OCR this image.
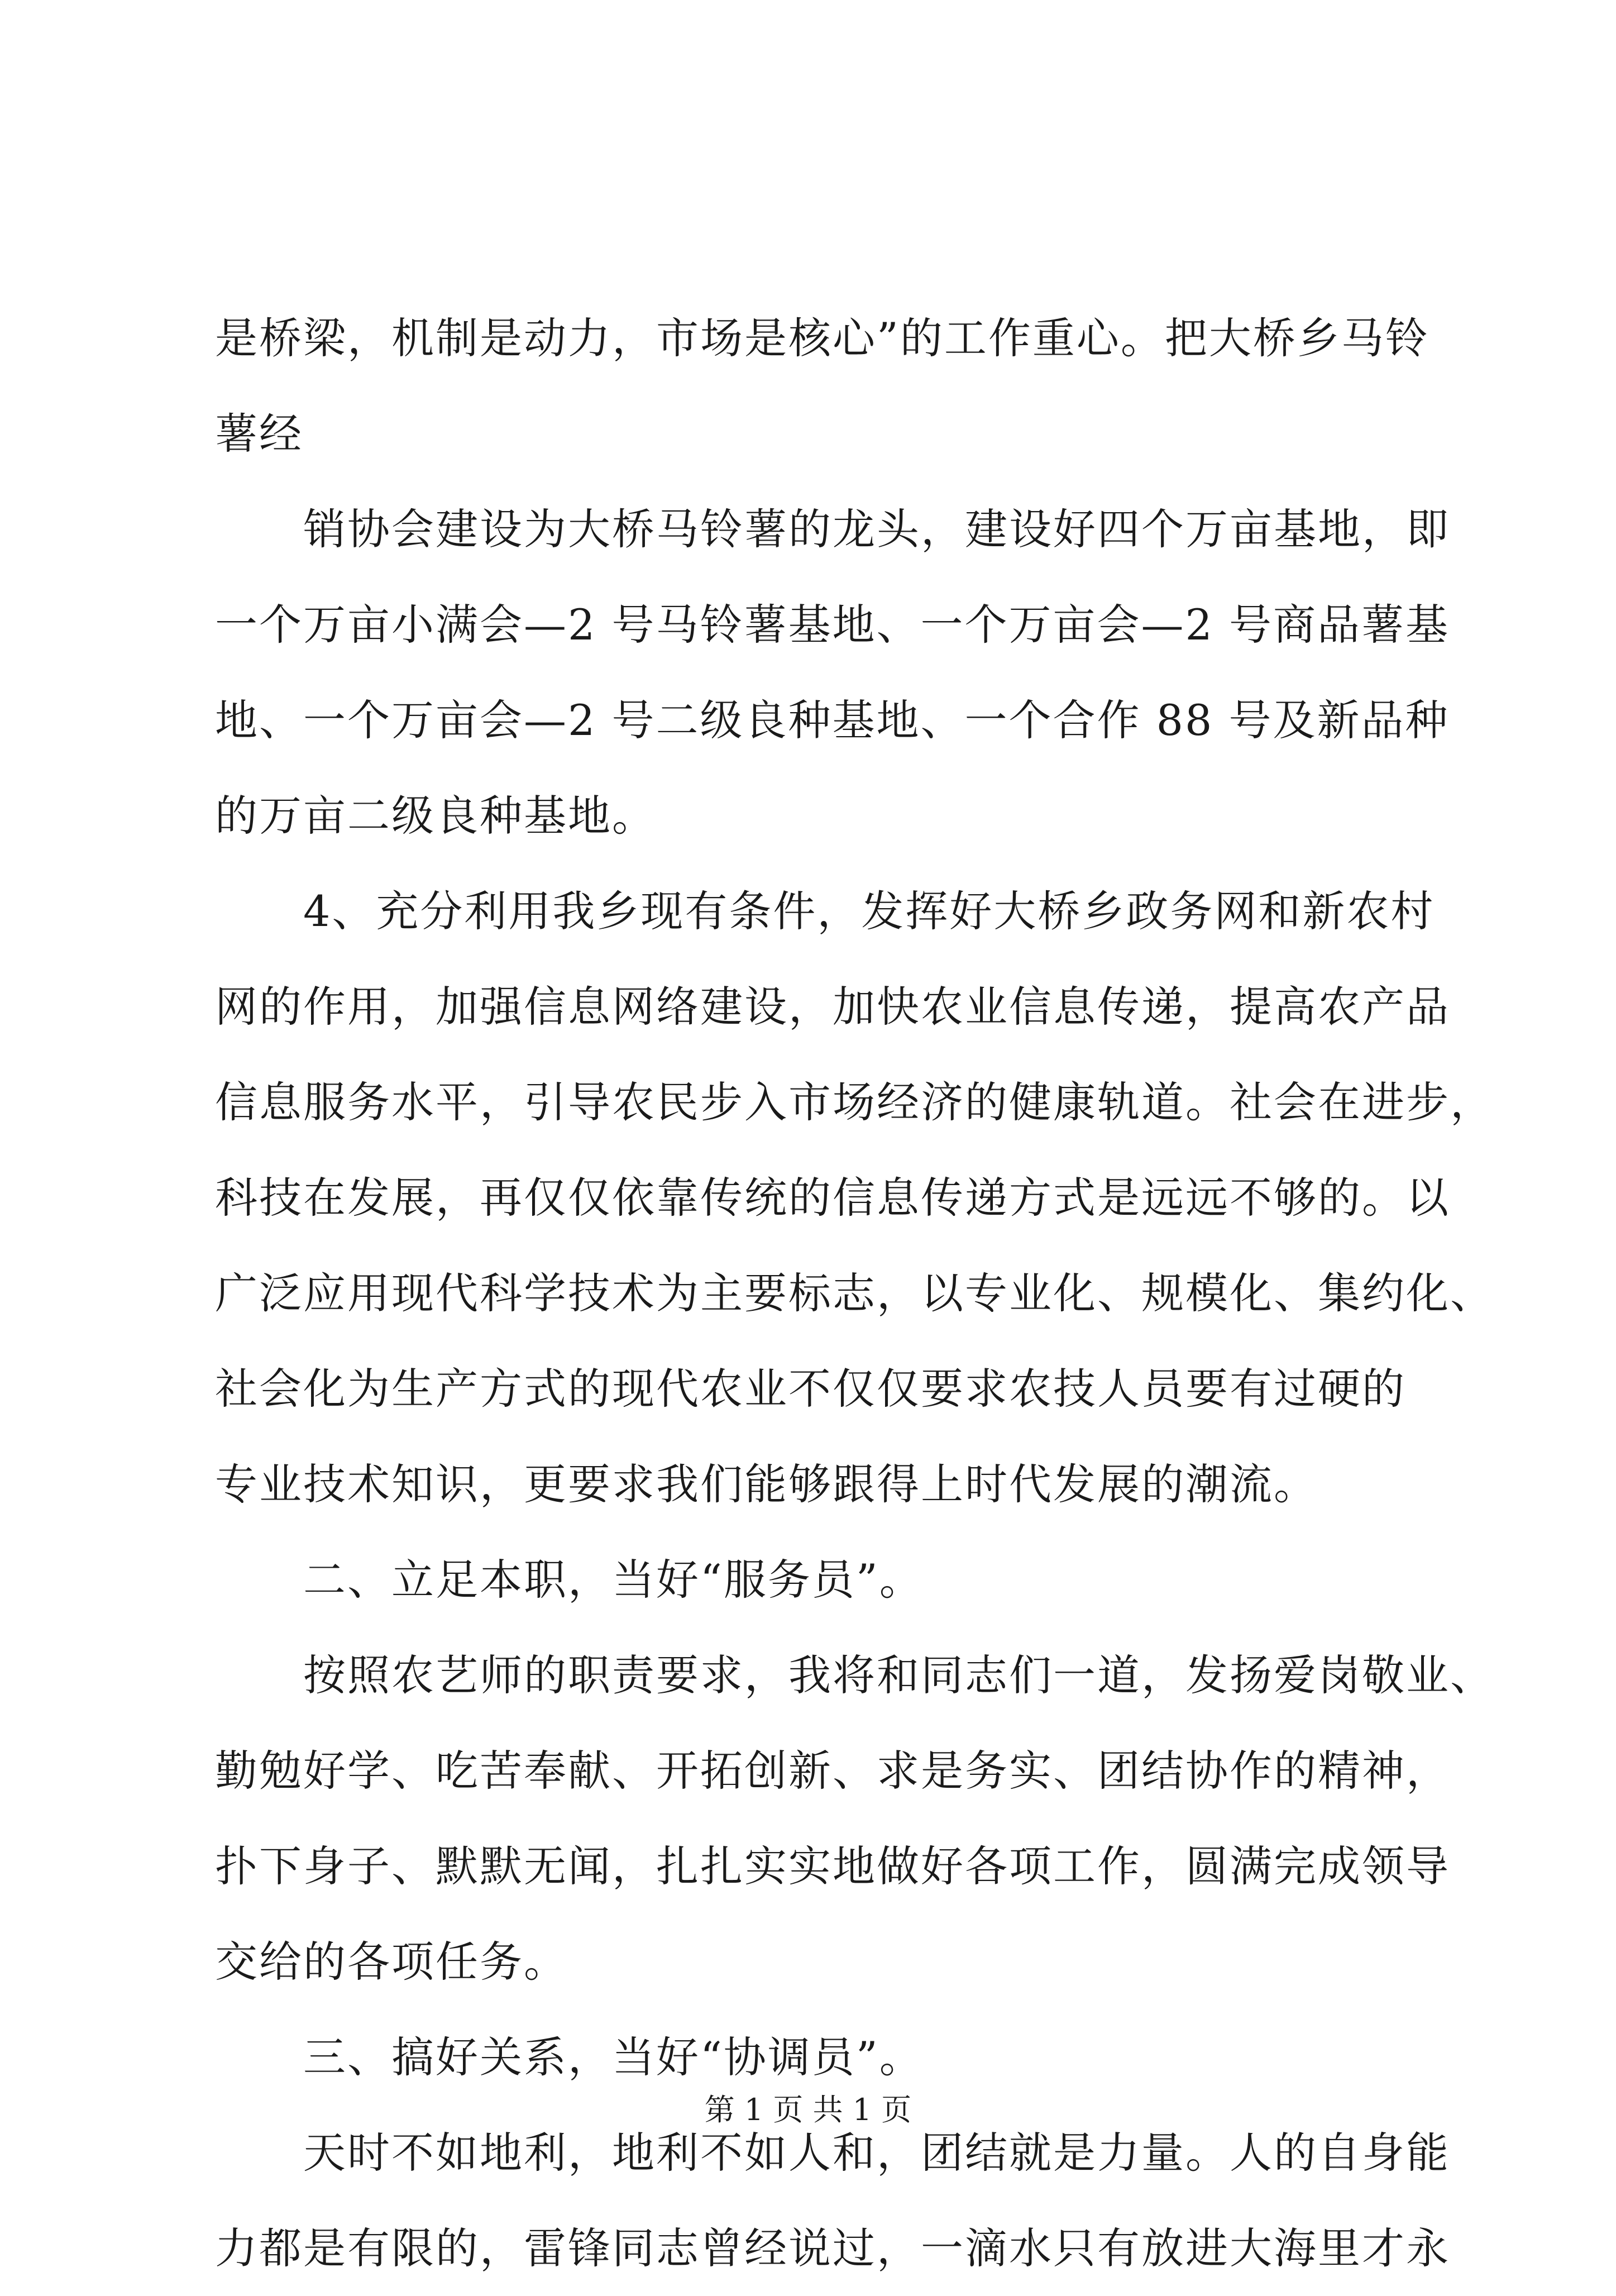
是桥梁，机制是动力，市场是核心”的工作重心。把大桥乡马铃
薯经
销协会建设为大桥马铃薯的龙头，建设好四个万亩基地，即
一个万亩小满会—2 号马铃薯基地、一个万亩会—2 号商品薯基
地、一个万亩会—2 号二级良种基地、一个合作 88 号及新品种
的万亩二级良种基地。
4、充分利用我乡现有条件，发挥好大桥乡政务网和新农村
网的作用，加强信息网络建设，加快农业信息传递，提高农产品
信息服务水平，引导农民步入市场经济的健康轨道。社会在进步，
科技在发展，再仅仅依靠传统的信息传递方式是远远不够的。以
广泛应用现代科学技术为主要标志，以专业化、规模化、集约化、
社会化为生产方式的现代农业不仅仅要求农技人员要有过硬的
专业技术知识，更要求我们能够跟得上时代发展的潮流。
二、立足本职，当好“服务员”。
按照农艺师的职责要求，我将和同志们一道，发扬爱岗敬业、
勤勉好学、吃苦奉献、开拓创新、求是务实、团结协作的精神，
扑下身子、默默无闻，扎扎实实地做好各项工作，圆满完成领导
交给的各项任务。
三、搞好关系，当好“协调员”。
天时不如地利，地利不如人和，团结就是力量。人的自身能
力都是有限的，雷锋同志曾经说过，一滴水只有放进大海里才永
第 1 页 共 1 页
